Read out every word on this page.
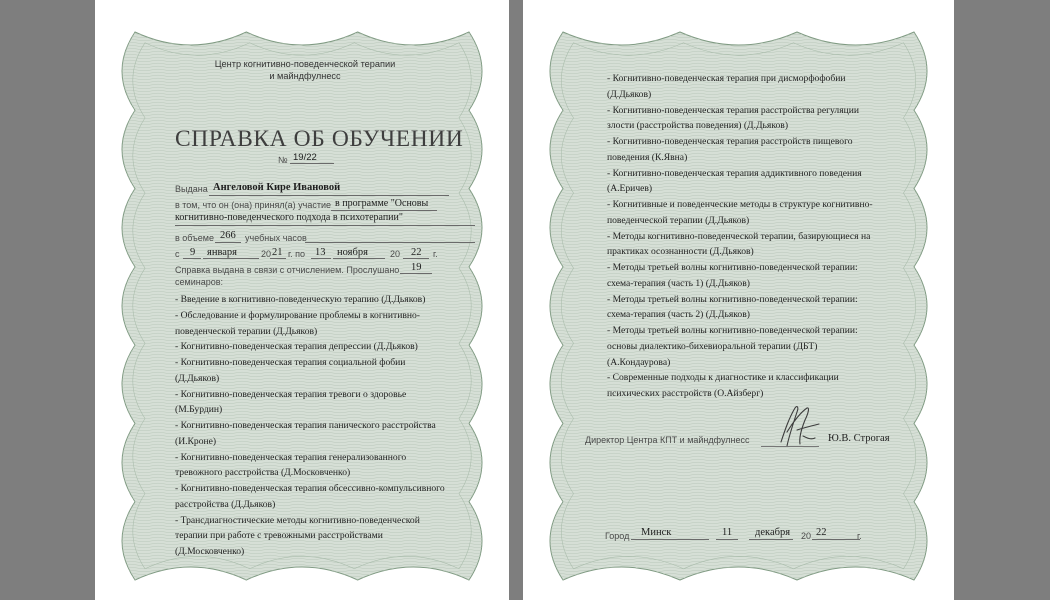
Центр когнитивно-поведенческой терапии
и майндфулнесс
СПРАВКА ОБ ОБУЧЕНИИ
№ 19/22
Выдана Ангеловой Кире Ивановой
в том, что он (она) принял(а) участие в программе "Основы
когнитивно-поведенческого подхода в психотерапии"
в объеме 266 учебных часов
с 9 января	20 21 г. по 13 ноября 20 22 г.
Справка выдана в связи с отчислением. Прослушано 19
семинаров:
- Введение в когнитивно-поведенческую терапию (Д.Дьяков)
- Обследование и формулирование проблемы в когнитивно-
поведенческой терапии (Д.Дьяков)
- Когнитивно-поведенческая терапия депрессии (Д.Дьяков)
- Когнитивно-поведенческая терапия социальной фобии
(Д.Дьяков)
- Когнитивно-поведенческая терапия тревоги о здоровье
(М.Бурдин)
- Когнитивно-поведенческая терапия панического расстройства
(И.Кроне)
- Когнитивно-поведенческая терапия генерализованного
тревожного расстройства (Д.Московченко)
- Когнитивно-поведенческая терапия обсессивно-компульсивного
расстройства (Д.Дьяков)
- Трансдиагностические методы когнитивно-поведенческой
терапии при работе с тревожными расстройствами
(Д.Московченко)
- Когнитивно-поведенческая терапия при дисморфофобии
(Д.Дьяков)
- Когнитивно-поведенческая терапия расстройства регуляции
злости (расстройства поведения) (Д.Дьяков)
- Когнитивно-поведенческая терапия расстройств пищевого
поведения (К.Явна)
- Когнитивно-поведенческая терапия аддиктивного поведения
(А.Еричев)
- Когнитивные и поведенческие методы в структуре когнитивно-
поведенческой терапии (Д.Дьяков)
- Методы когнитивно-поведенческой терапии, базирующиеся на
практиках осознанности (Д.Дьяков)
- Методы третьей волны когнитивно-поведенческой терапии:
схема-терапия (часть 1) (Д.Дьяков)
- Методы третьей волны когнитивно-поведенческой терапии:
схема-терапия (часть 2) (Д.Дьяков)
- Методы третьей волны когнитивно-поведенческой терапии:
основы диалектико-бихевиоральной терапии (ДБТ)
(А.Кондаурова)
- Современные подходы к диагностике и классификации
психических расстройств (О.Айзберг)
Директор Центра КПТ и майндфулнесс	Ю.В. Строгая
Город Минск	11 декабря 20 22	г.
